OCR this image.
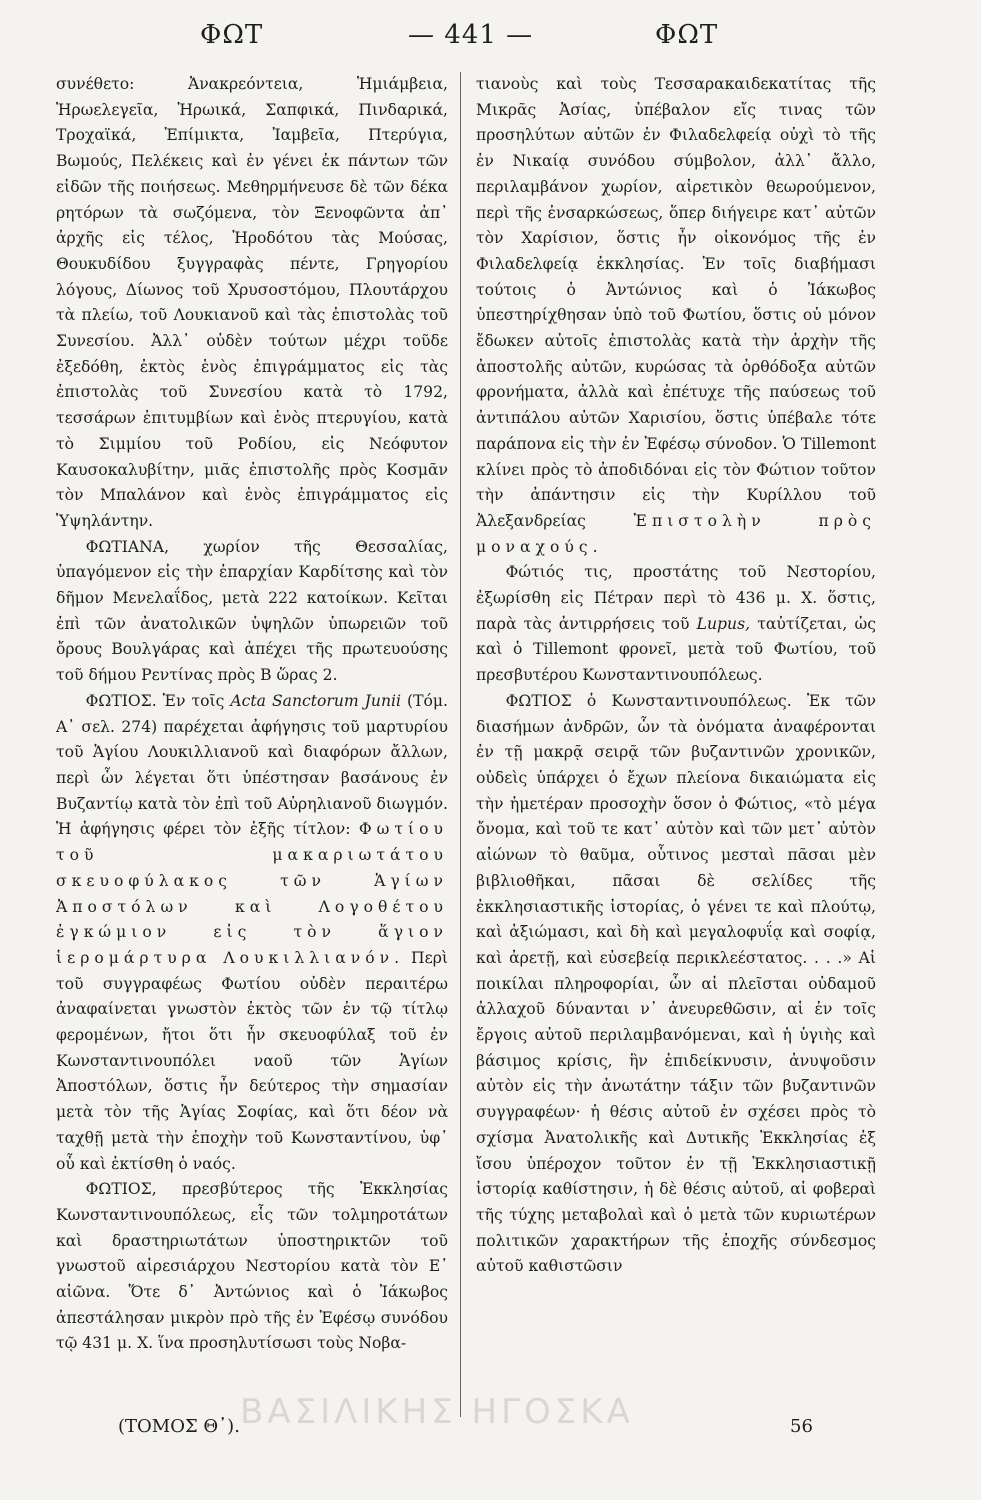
ΦΩΤ	— 441 —	ΦΩΤ

συνέθετο: Ἀνακρεόντεια, Ἡμιάμβεια, Ἡρωελεγεῖα, Ἡρωικά, Σαπφικά, Πινδαρικά, Τροχαϊκά, Ἐπίμικτα, Ἰαμβεῖα, Πτερύγια, Βωμούς, Πελέκεις καὶ ἐν γένει ἐκ πάντων τῶν εἰδῶν τῆς ποιήσεως. Μεθηρμήνευσε δὲ τῶν δέκα ρητόρων τὰ σωζόμενα, τὸν Ξενοφῶντα ἀπ᾽ ἀρχῆς εἰς τέλος, Ἡροδότου τὰς Μούσας, Θουκυδίδου ξυγγραφὰς πέντε, Γρηγορίου λόγους, Δίωνος τοῦ Χρυσοστόμου, Πλουτάρχου τὰ πλείω, τοῦ Λουκιανοῦ καὶ τὰς ἐπιστολὰς τοῦ Συνεσίου. Ἀλλ᾽ οὐδὲν τούτων μέχρι τοῦδε ἐξεδόθη, ἐκτὸς ἑνὸς ἐπιγράμματος εἰς τὰς ἐπιστολὰς τοῦ Συνεσίου κατὰ τὸ 1792, τεσσάρων ἐπιτυμβίων καὶ ἑνὸς πτερυγίου, κατὰ τὸ Σιμμίου τοῦ Ροδίου, εἰς Νεόφυτον Καυσοκαλυβίτην, μιᾶς ἐπιστολῆς πρὸς Κοσμᾶν τὸν Μπαλάνον καὶ ἑνὸς ἐπιγράμματος εἰς Ὑψηλάντην.

ΦΩΤΙΑΝΑ, χωρίον τῆς Θεσσαλίας, ὑπαγόμενον εἰς τὴν ἐπαρχίαν Καρδίτσης καὶ τὸν δῆμον Μενελαΐδος, μετὰ 222 κατοίκων. Κεῖται ἐπὶ τῶν ἀνατολικῶν ὑψηλῶν ὑπωρειῶν τοῦ ὄρους Βουλγάρας καὶ ἀπέχει τῆς πρωτευούσης τοῦ δήμου Ρεντίνας πρὸς Β ὥρας 2.

ΦΩΤΙΟΣ. Ἐν τοῖς Acta Sanctorum Junii (Τόμ. Α᾽ σελ. 274) παρέχεται ἀφήγησις τοῦ μαρτυρίου τοῦ Ἁγίου Λουκιλλιανοῦ καὶ διαφόρων ἄλλων, περὶ ὧν λέγεται ὅτι ὑπέστησαν βασάνους ἐν Βυζαντίῳ κατὰ τὸν ἐπὶ τοῦ Αὐρηλιανοῦ διωγμόν. Ἡ ἀφήγησις φέρει τὸν ἑξῆς τίτλον: Φωτίου τοῦ μακαριωτάτου σκευοφύλακος τῶν Ἁγίων Ἀποστόλων καὶ Λογοθέτου ἐγκώμιον εἰς τὸν ἅγιον ἱερομάρτυρα Λουκιλλιανόν. Περὶ τοῦ συγγραφέως Φωτίου οὐδὲν περαιτέρω ἀναφαίνεται γνωστὸν ἐκτὸς τῶν ἐν τῷ τίτλῳ φερομένων, ἤτοι ὅτι ἦν σκευοφύλαξ τοῦ ἐν Κωνσταντινουπόλει ναοῦ τῶν Ἁγίων Ἀποστόλων, ὅστις ἦν δεύτερος τὴν σημασίαν μετὰ τὸν τῆς Ἁγίας Σοφίας, καὶ ὅτι δέον νὰ ταχθῇ μετὰ τὴν ἐποχὴν τοῦ Κωνσταντίνου, ὑφ᾽ οὗ καὶ ἐκτίσθη ὁ ναός.

ΦΩΤΙΟΣ, πρεσβύτερος τῆς Ἐκκλησίας Κωνσταντινουπόλεως, εἷς τῶν τολμηροτάτων καὶ δραστηριωτάτων ὑποστηρικτῶν τοῦ γνωστοῦ αἱρεσιάρχου Νεστορίου κατὰ τὸν Ε᾽ αἰῶνα. Ὅτε δ᾽ Ἀντώνιος καὶ ὁ Ἰάκωβος ἀπεστάλησαν μικρὸν πρὸ τῆς ἐν Ἐφέσῳ συνόδου τῷ 431 μ. Χ. ἵνα προσηλυτίσωσι τοὺς Νοβα-

τιανοὺς καὶ τοὺς Τεσσαρακαιδεκατίτας τῆς Μικρᾶς Ἀσίας, ὑπέβαλον εἴς τινας τῶν προσηλύτων αὐτῶν ἐν Φιλαδελφείᾳ οὐχὶ τὸ τῆς ἐν Νικαίᾳ συνόδου σύμβολον, ἀλλ᾽ ἄλλο, περιλαμβάνον χωρίον, αἱρετικὸν θεωρούμενον, περὶ τῆς ἐνσαρκώσεως, ὅπερ διήγειρε κατ᾽ αὐτῶν τὸν Χαρίσιον, ὅστις ἦν οἰκονόμος τῆς ἐν Φιλαδελφείᾳ ἐκκλησίας. Ἐν τοῖς διαβήμασι τούτοις ὁ Ἀντώνιος καὶ ὁ Ἰάκωβος ὑπεστηρίχθησαν ὑπὸ τοῦ Φωτίου, ὅστις οὐ μόνον ἔδωκεν αὐτοῖς ἐπιστολὰς κατὰ τὴν ἀρχὴν τῆς ἀποστολῆς αὐτῶν, κυρώσας τὰ ὀρθόδοξα αὐτῶν φρονήματα, ἀλλὰ καὶ ἐπέτυχε τῆς παύσεως τοῦ ἀντιπάλου αὐτῶν Χαρισίου, ὅστις ὑπέβαλε τότε παράπονα εἰς τὴν ἐν Ἐφέσῳ σύνοδον. Ὁ Tillemont κλίνει πρὸς τὸ ἀποδιδόναι εἰς τὸν Φώτιον τοῦτον τὴν ἀπάντησιν εἰς τὴν Κυρίλλου τοῦ Ἀλεξανδρείας	Ἐπιστολὴν πρὸς μοναχούς.

Φώτιός τις, προστάτης τοῦ Νεστορίου, ἐξωρίσθη εἰς Πέτραν περὶ τὸ 436 μ. Χ. ὅστις, παρὰ τὰς ἀντιρρήσεις τοῦ Lupus, ταὐτίζεται, ὡς καὶ ὁ Tillemont φρονεῖ, μετὰ τοῦ Φωτίου, τοῦ πρεσβυτέρου Κωνσταντινουπόλεως.

ΦΩΤΙΟΣ ὁ Κωνσταντινουπόλεως. Ἐκ τῶν διασήμων ἀνδρῶν, ὧν τὰ ὀνόματα ἀναφέρονται ἐν τῇ μακρᾷ σειρᾷ τῶν βυζαντινῶν χρονικῶν, οὐδεὶς ὑπάρχει ὁ ἔχων πλείονα δικαιώματα εἰς τὴν ἡμετέραν προσοχὴν ὅσον ὁ Φώτιος, «τὸ μέγα ὄνομα, καὶ τοῦ τε κατ᾽ αὐτὸν καὶ τῶν μετ᾽ αὐτὸν αἰώνων τὸ θαῦμα, οὗτινος μεσταὶ πᾶσαι μὲν βιβλιοθῆκαι, πᾶσαι δὲ σελίδες τῆς ἐκκλησιαστικῆς ἱστορίας, ὁ γένει τε καὶ πλούτῳ, καὶ ἀξιώμασι, καὶ δὴ καὶ μεγαλοφυΐᾳ καὶ σοφίᾳ, καὶ ἀρετῇ, καὶ εὐσεβείᾳ περικλεέστατος. . . .» Αἱ ποικίλαι πληροφορίαι, ὧν αἱ πλεῖσται οὐδαμοῦ ἀλλαχοῦ δύνανται ν᾽ ἀνευρεθῶσιν, αἱ ἐν τοῖς ἔργοις αὐτοῦ περιλαμβανόμεναι, καὶ ἡ ὑγιὴς καὶ βάσιμος κρίσις, ἣν ἐπιδείκνυσιν, ἀνυψοῦσιν αὐτὸν εἰς τὴν ἀνωτάτην τάξιν τῶν βυζαντινῶν συγγραφέων· ἡ θέσις αὐτοῦ ἐν σχέσει πρὸς τὸ σχίσμα Ἀνατολικῆς καὶ Δυτικῆς Ἐκκλησίας ἐξ ἴσου ὑπέροχον τοῦτον ἐν τῇ Ἐκκλησιαστικῇ ἱστορίᾳ καθίστησιν, ἡ δὲ θέσις αὐτοῦ, αἱ φοβεραὶ τῆς τύχης μεταβολαὶ καὶ ὁ μετὰ τῶν κυριωτέρων πολιτικῶν χαρακτήρων τῆς ἐποχῆς σύνδεσμος αὐτοῦ καθιστῶσιν

ΒΑΣΙΛΙΚΗΣ ΗΓΟΣΚΑ
(ΤΟΜΟΣ Θ᾽).	56
